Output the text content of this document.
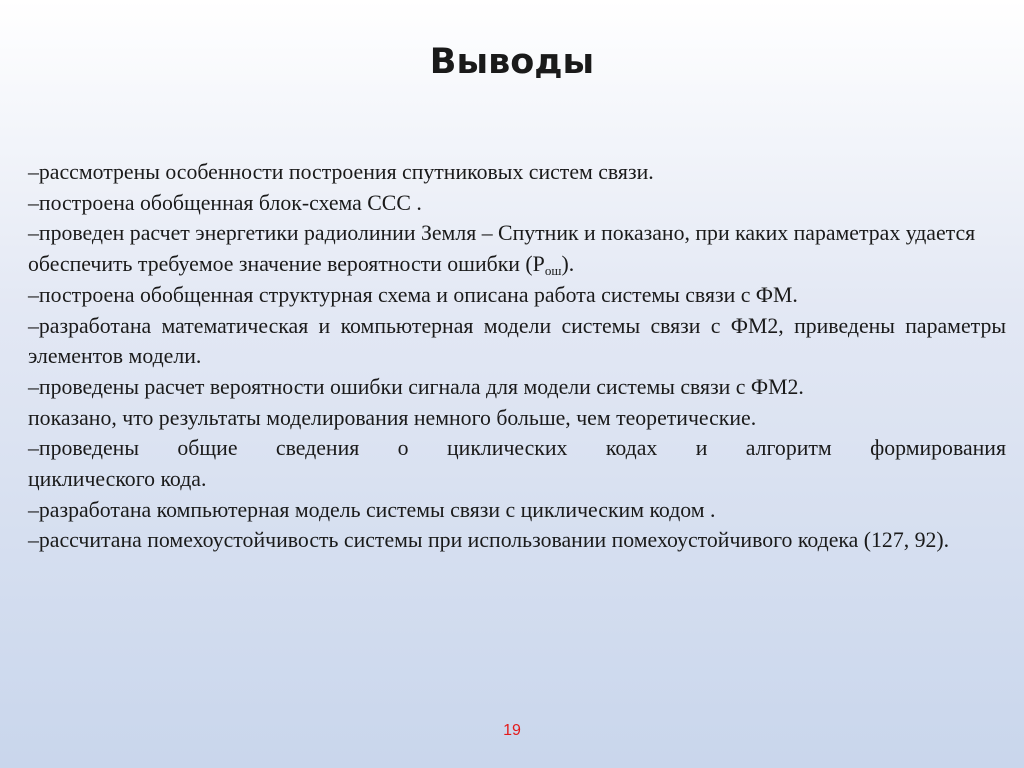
Выводы

–рассмотрены особенности построения спутниковых систем связи.

–построена обобщенная блок-схема ССС .

–проведен расчет энергетики радиолинии Земля – Спутник и показано, при каких параметрах удается обеспечить требуемое значение вероятности ошибки $(P_{ош})$.

–построена обобщенная структурная схема и описана работа системы связи с ФМ.

–разработана математическая и компьютерная модели системы связи с ФМ2, приведены параметры элементов модели.

–проведены расчет вероятности ошибки сигнала для модели системы связи с ФМ2.

показано, что результаты моделирования немного больше, чем теоретические.

–проведены общие сведения о циклических кодах и алгоритм формирования

циклического кода.

–разработана компьютерная модель системы связи с циклическим кодом .

–рассчитана помехоустойчивость системы при использовании помехоустойчивого кодека (127, 92).

19
